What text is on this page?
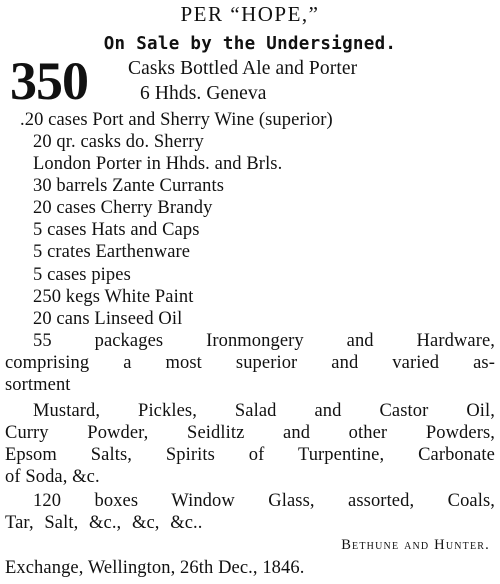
PER “HOPE,”
On Sale by the Undersigned.
350 Casks Bottled Ale and Porter
6 Hhds. Geneva
.20 cases Port and Sherry Wine (superior)
20 qr. casks do. Sherry
London Porter in Hhds. and Brls.
30 barrels Zante Currants
20 cases Cherry Brandy
5 cases Hats and Caps
5 crates Earthenware
5 cases pipes
250 kegs White Paint
20 cans Linseed Oil
55 packages Ironmongery and Hardware,
comprising a most superior and varied as-
sortment
Mustard, Pickles, Salad and Castor Oil,
Curry Powder, Seidlitz and other Powders,
Epsom Salts, Spirits of Turpentine, Carbonate
of Soda, &c.
120 boxes Window Glass, assorted, Coals,
Tar, Salt, &c., &c, &c..
Bethune and Hunter.
Exchange, Wellington, 26th Dec., 1846.
